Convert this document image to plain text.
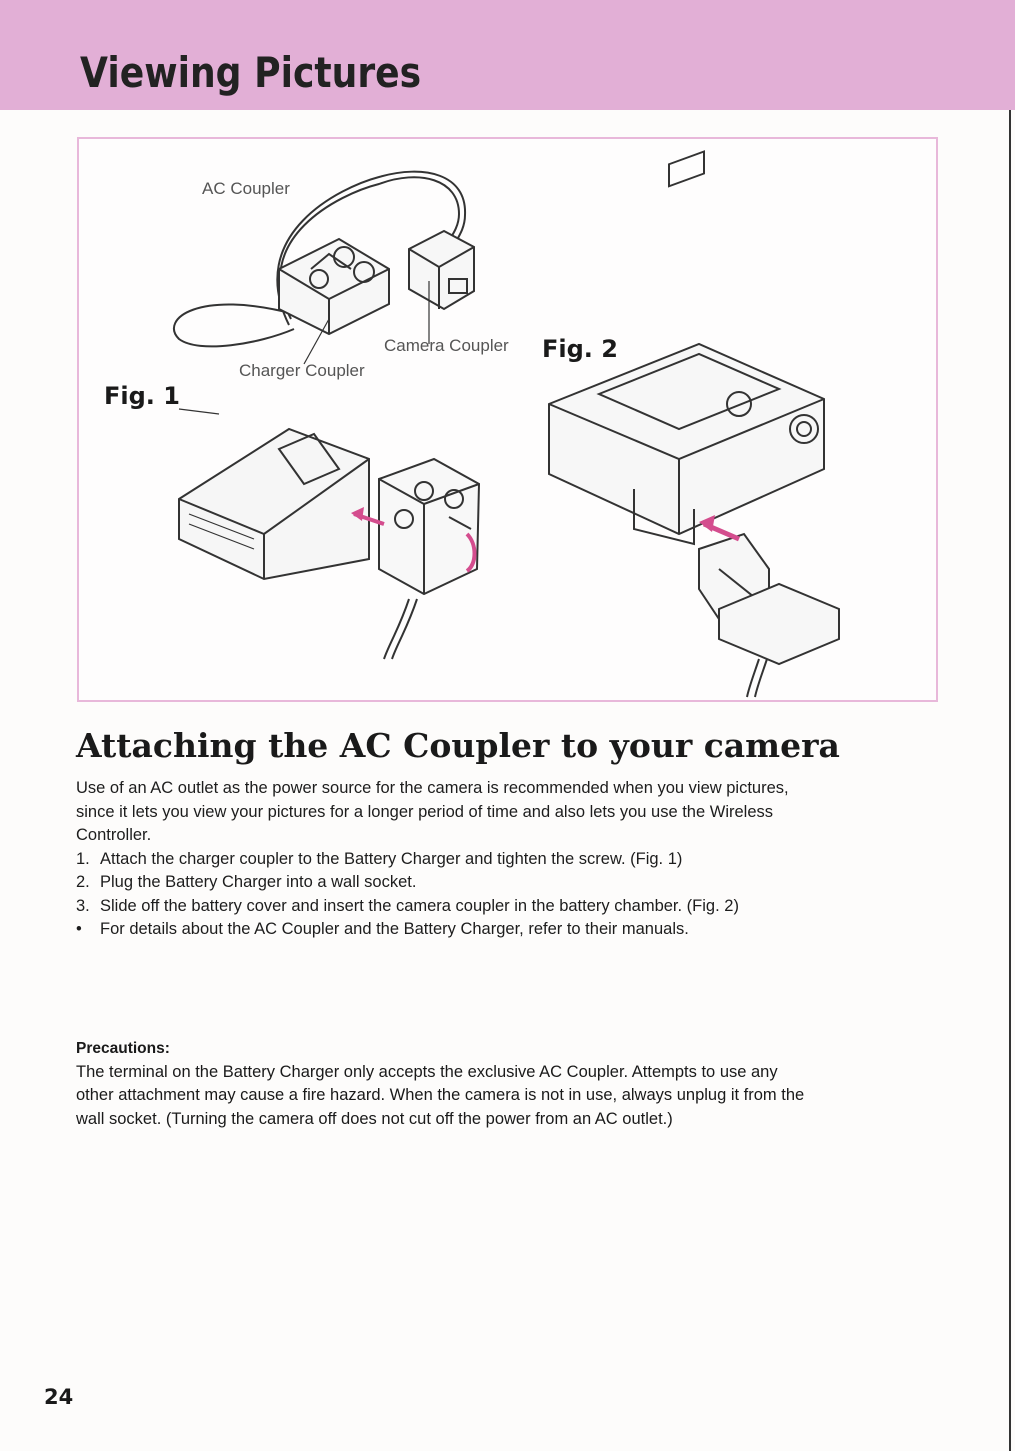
Viewing Pictures
AC Coupler
Camera Coupler
Charger Coupler
Fig. 1
Fig. 2
Attaching the AC Coupler to your camera

Use of an AC outlet as the power source for the camera is recommended when you view pictures, since it lets you view your pictures for a longer period of time and also lets you use the Wireless Controller.

1. Attach the charger coupler to the Battery Charger and tighten the screw. (Fig. 1)
2. Plug the Battery Charger into a wall socket.
3. Slide off the battery cover and insert the camera coupler in the battery chamber. (Fig. 2)
• For details about the AC Coupler and the Battery Charger, refer to their manuals.

Precautions:

The terminal on the Battery Charger only accepts the exclusive AC Coupler. Attempts to use any other attachment may cause a fire hazard. When the camera is not in use, always unplug it from the wall socket. (Turning the camera off does not cut off the power from an AC outlet.)

24
